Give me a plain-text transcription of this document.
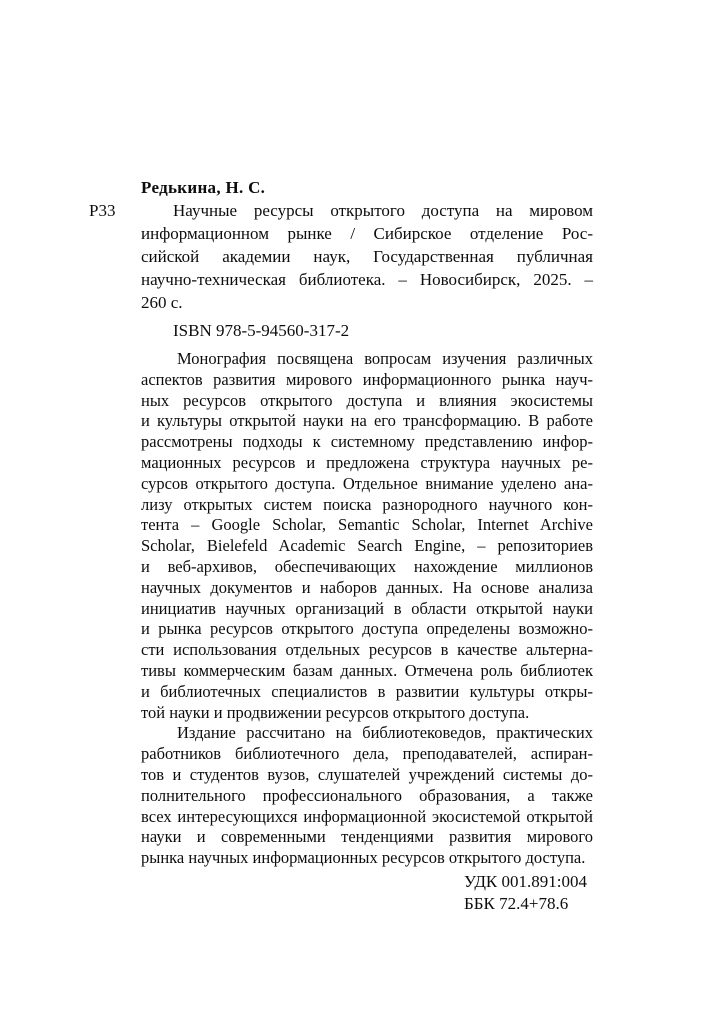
Р33
Редькина, Н. С.
Научные ресурсы открытого доступа на мировом
информационном рынке / Сибирское отделение Рос-
сийской академии наук, Государственная публичная
научно-техническая библиотека. – Новосибирск, 2025. –
260 с.
ISBN 978-5-94560-317-2
Монография посвящена вопросам изучения различных
аспектов развития мирового информационного рынка науч-
ных ресурсов открытого доступа и влияния экосистемы
и культуры открытой науки на его трансформацию. В работе
рассмотрены подходы к системному представлению инфор-
мационных ресурсов и предложена структура научных ре-
сурсов открытого доступа. Отдельное внимание уделено ана-
лизу открытых систем поиска разнородного научного кон-
тента – Google Scholar, Semantic Scholar, Internet Archive
Scholar, Bielefeld Academic Search Engine, – репозиториев
и веб-архивов, обеспечивающих нахождение миллионов
научных документов и наборов данных. На основе анализа
инициатив научных организаций в области открытой науки
и рынка ресурсов открытого доступа определены возможно-
сти использования отдельных ресурсов в качестве альтерна-
тивы коммерческим базам данных. Отмечена роль библиотек
и библиотечных специалистов в развитии культуры откры-
той науки и продвижении ресурсов открытого доступа.
Издание рассчитано на библиотековедов, практических
работников библиотечного дела, преподавателей, аспиран-
тов и студентов вузов, слушателей учреждений системы до-
полнительного профессионального образования, а также
всех интересующихся информационной экосистемой открытой
науки и современными тенденциями развития мирового
рынка научных информационных ресурсов открытого доступа.
УДК 001.891:004
ББК 72.4+78.6
